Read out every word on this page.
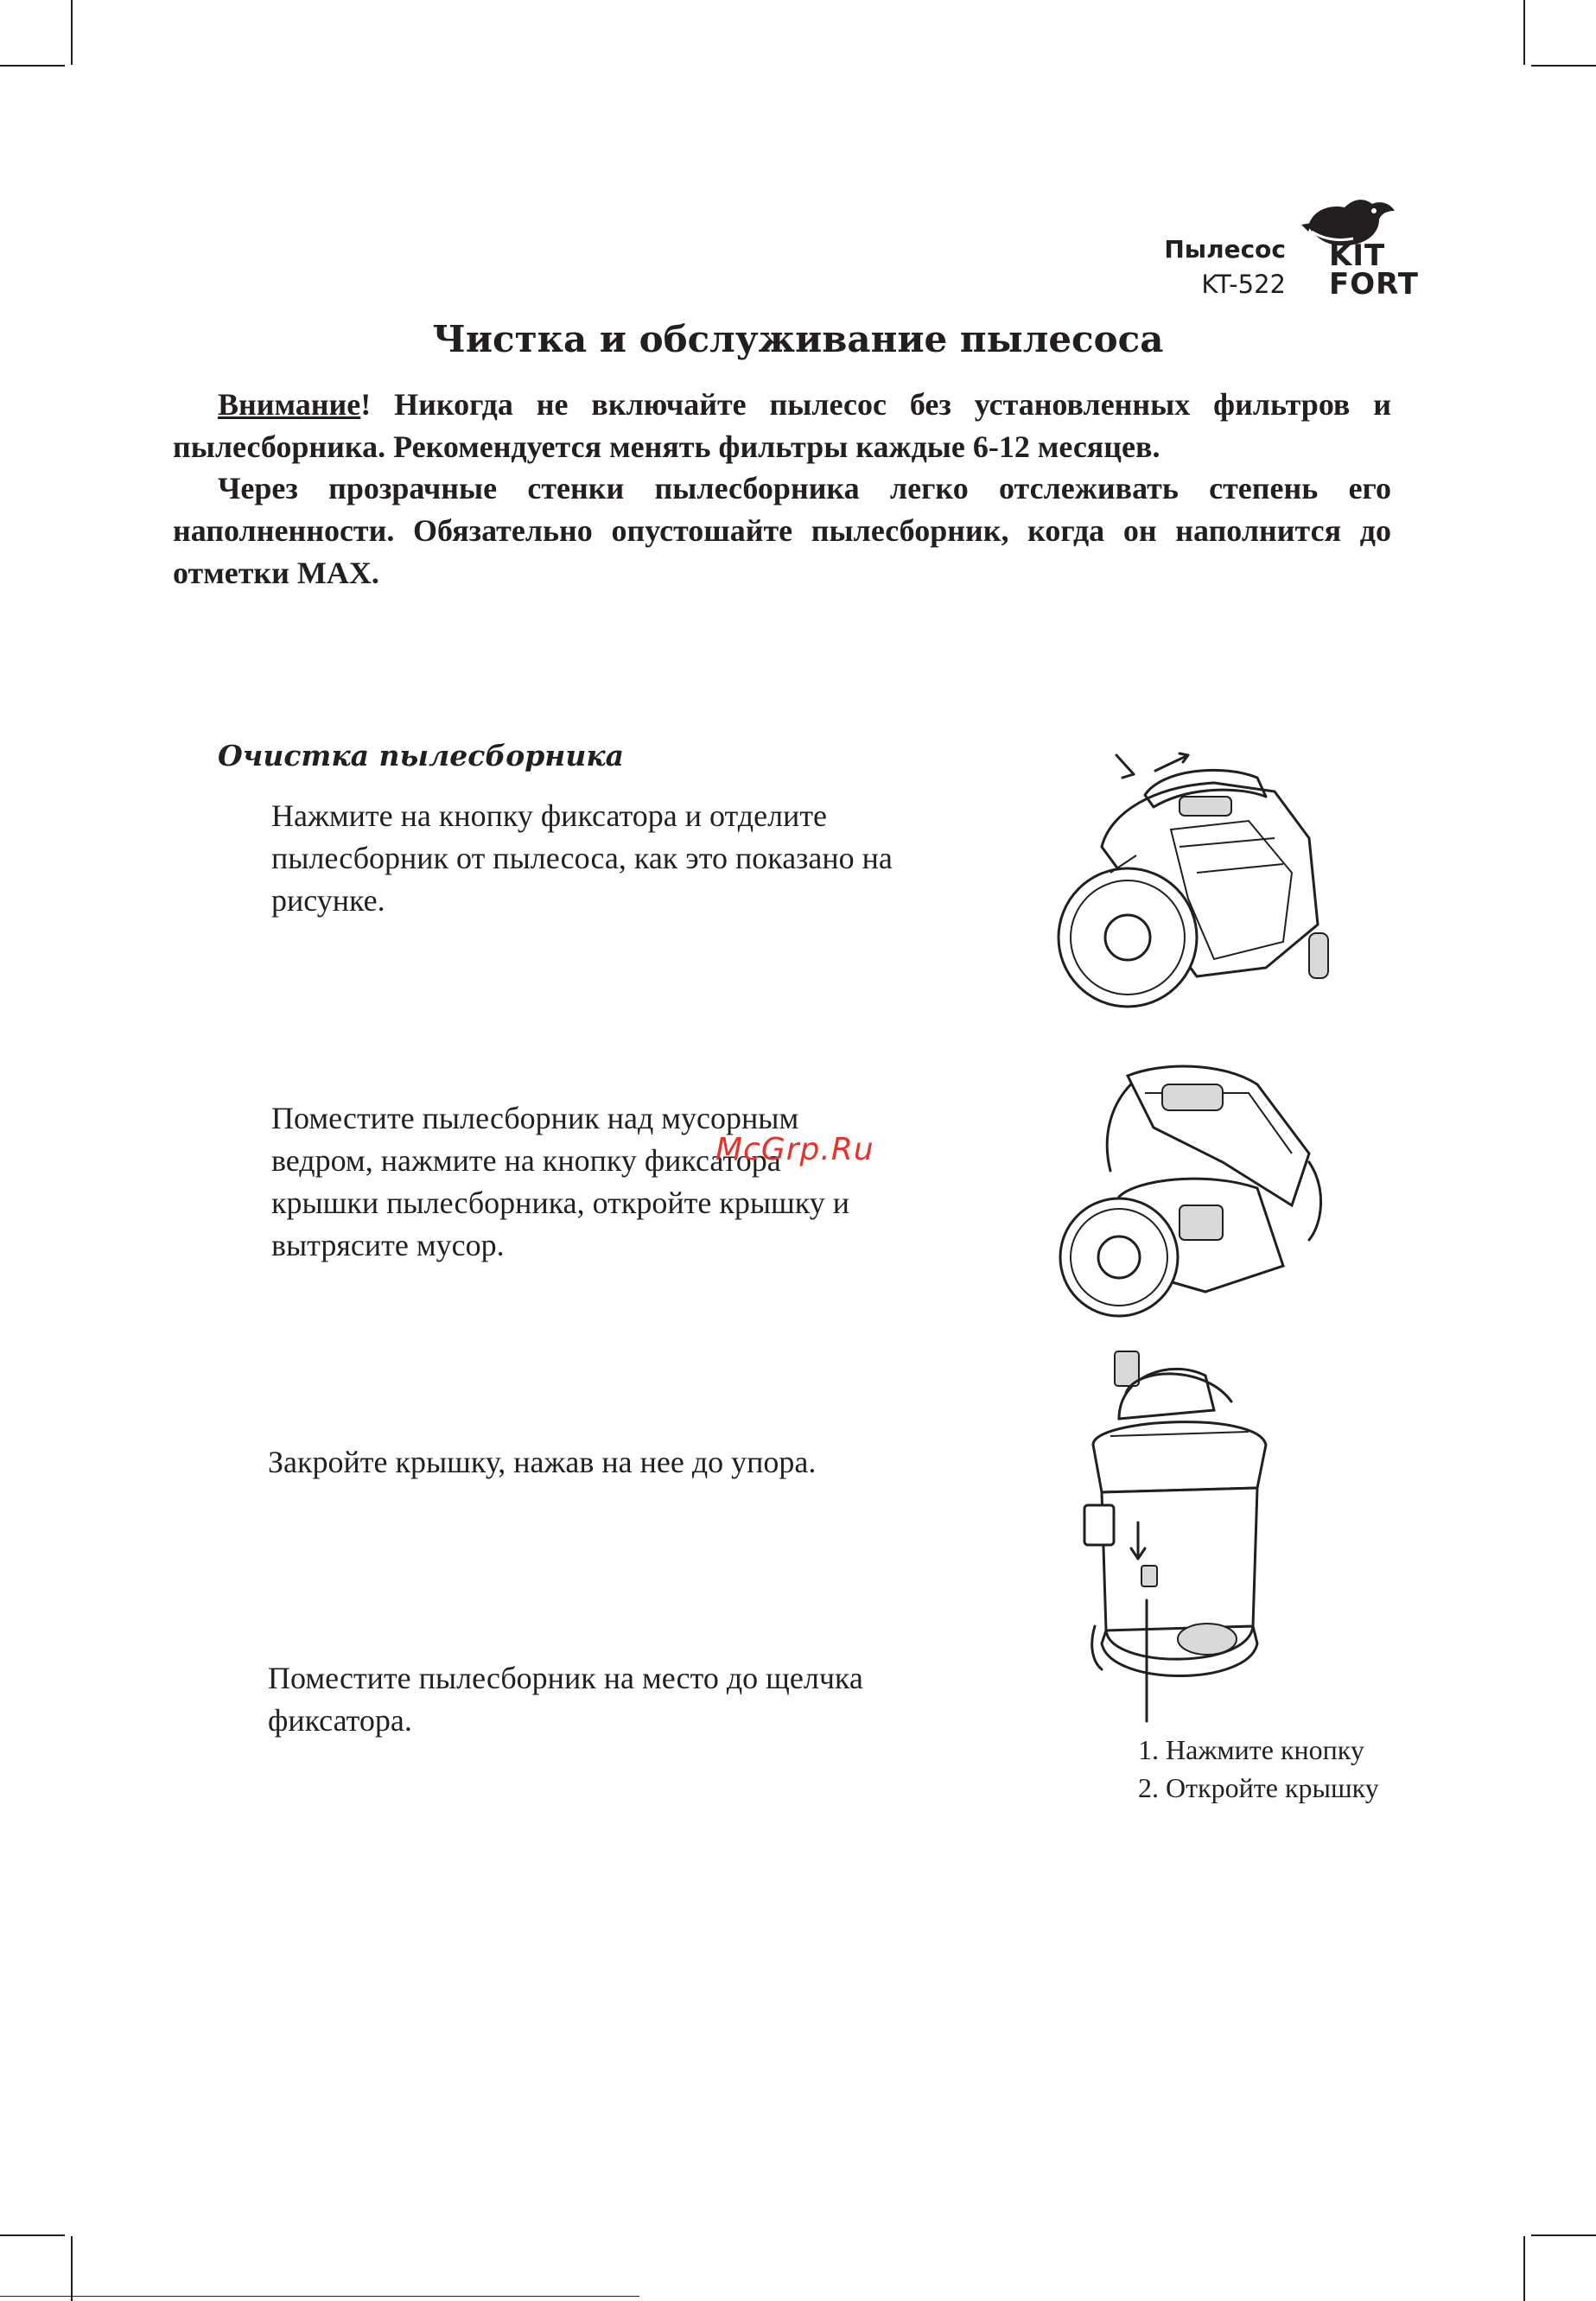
Пылесос
KT-522
KIT
FORT
Чистка и обслуживание пылесоса
Внимание! Никогда не включайте пылесос без установленных фильтров и пылесборника. Рекомендуется менять фильтры каждые 6-12 месяцев.
Через прозрачные стенки пылесборника легко отслеживать степень его наполненности. Обязательно опустошайте пылесборник, когда он наполнится до отметки MAX.
Очистка пылесборника
Нажмите на кнопку фиксатора и отделите пылесборник от пылесоса, как это показано на рисунке.
Поместите пылесборник над мусорным ведром, нажмите на кнопку фиксатора крышки пылесборника, откройте крышку и вытрясите мусор.
Закройте крышку, нажав на нее до упора.
Поместите пылесборник на место до щелчка фиксатора.
McGrp.Ru
1. Нажмите кнопку
2. Откройте крышку
